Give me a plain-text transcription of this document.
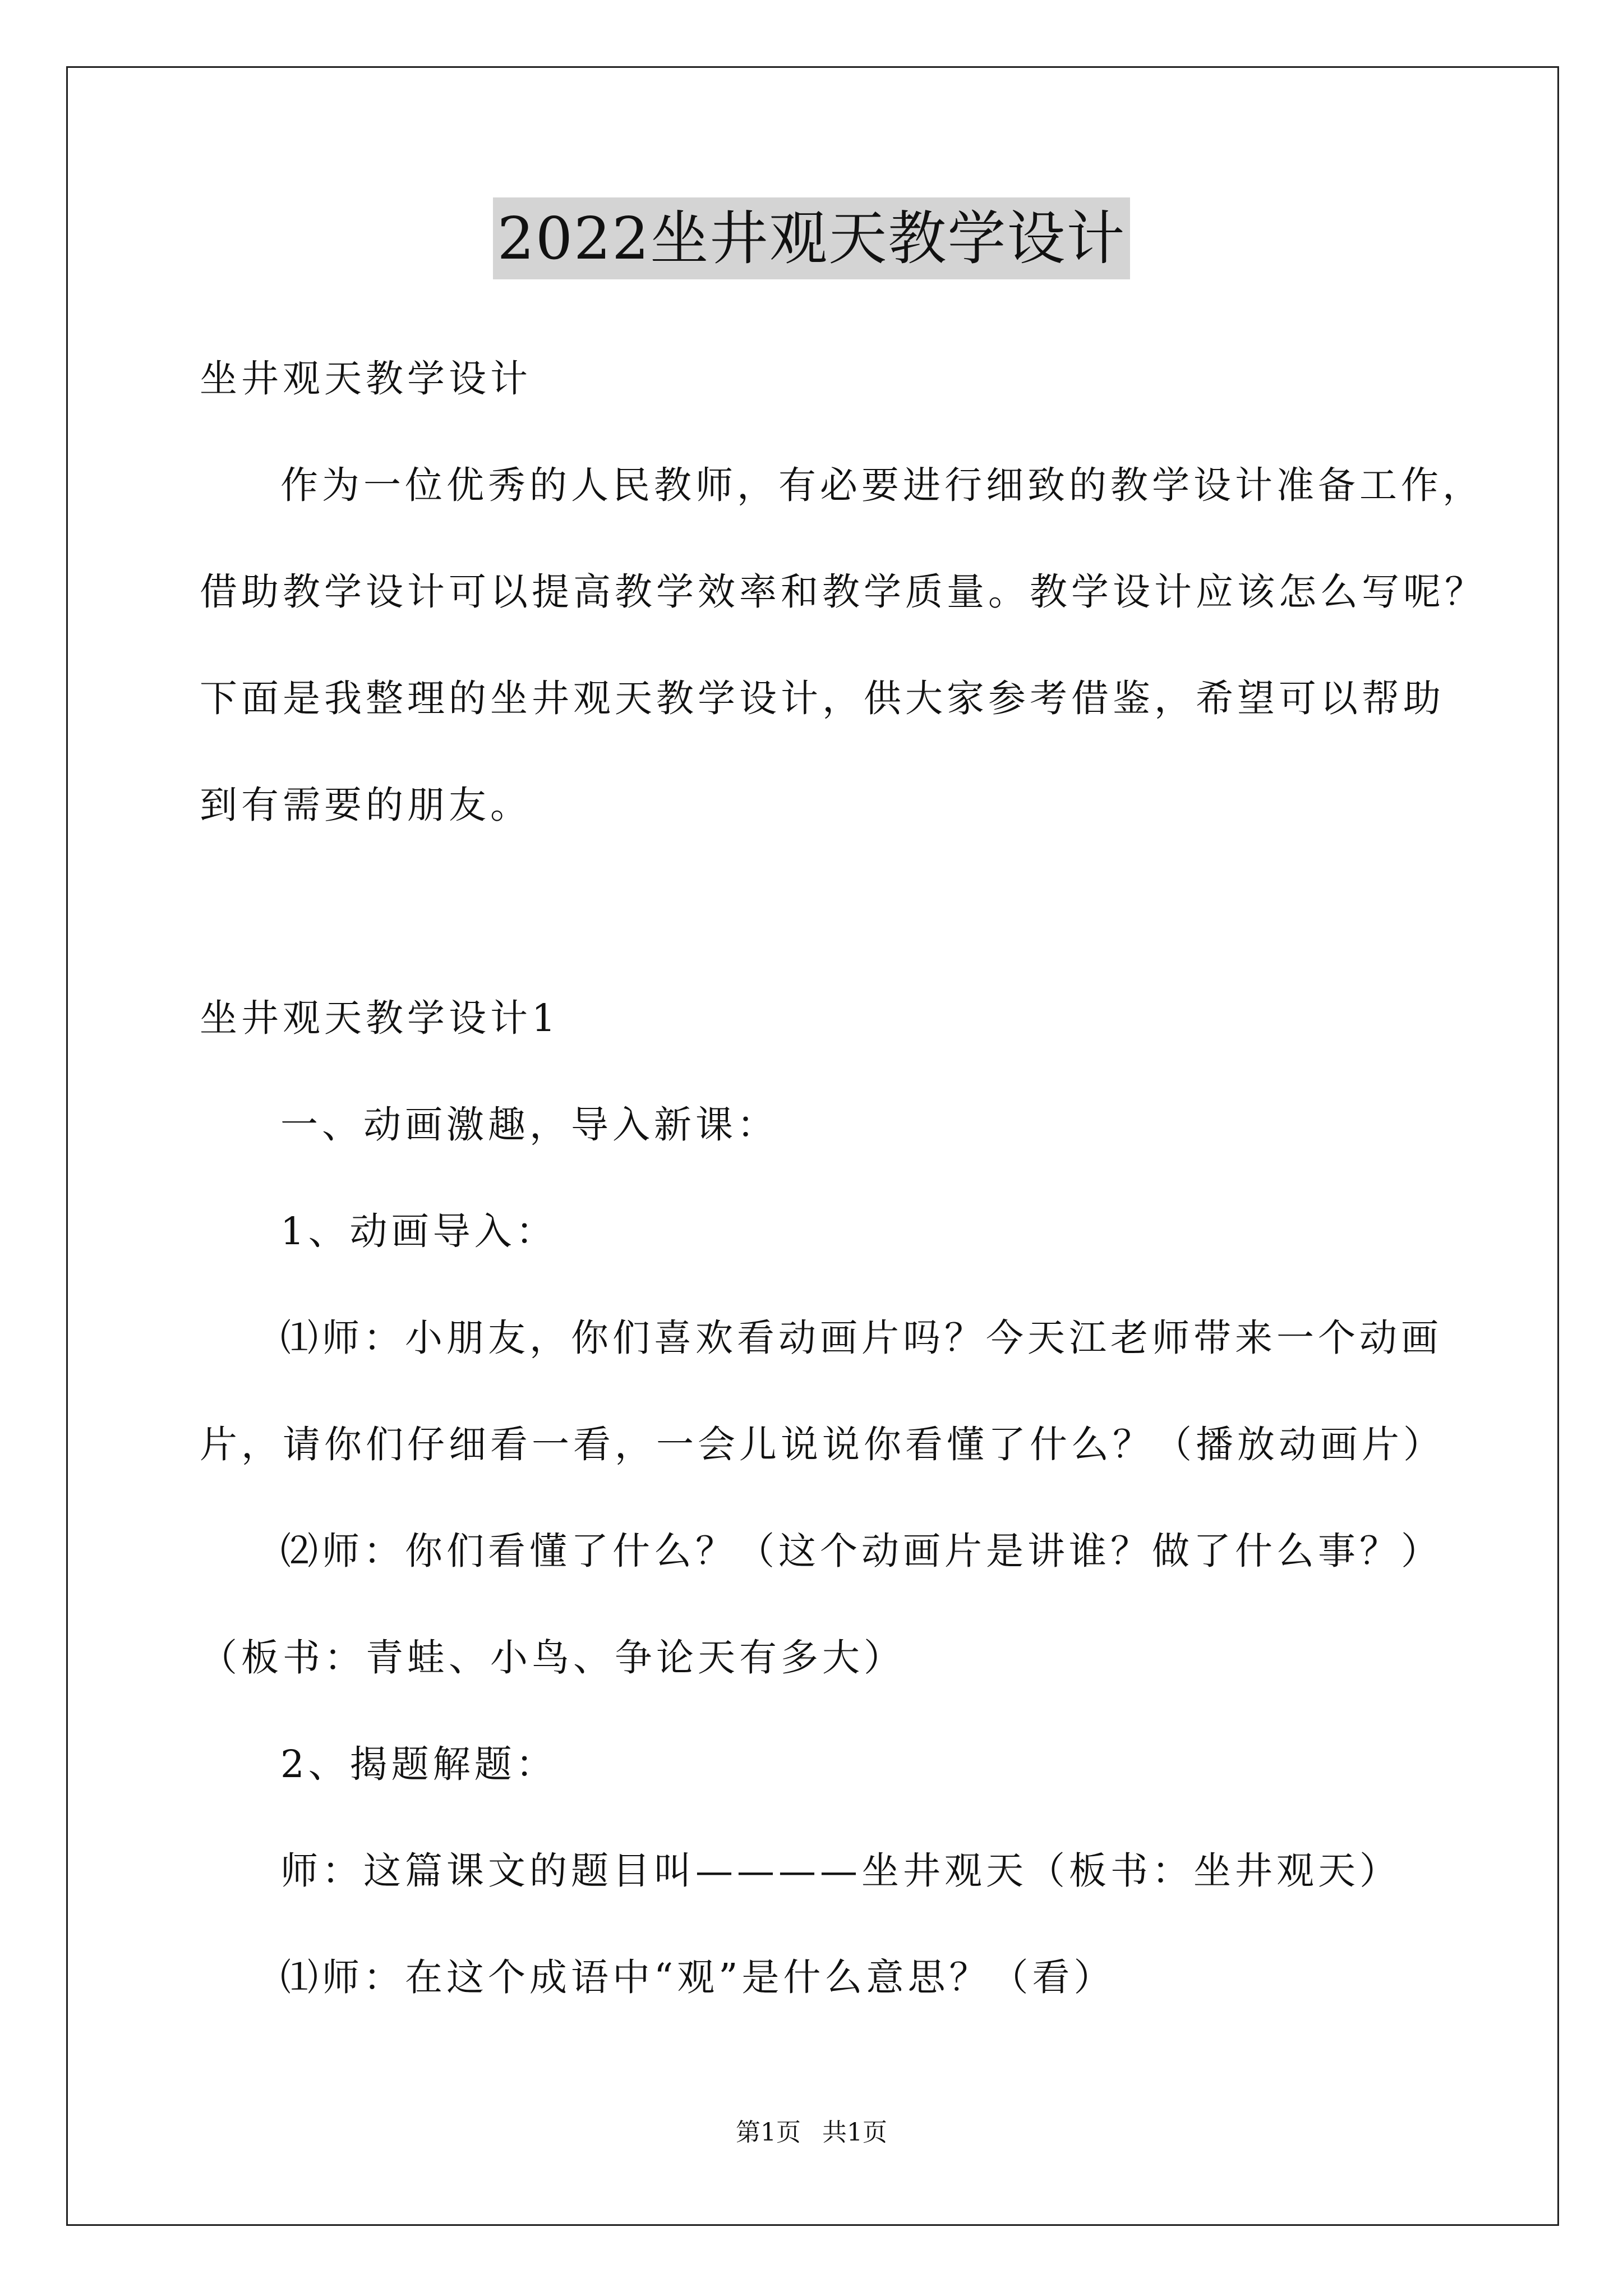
2022坐井观天教学设计
坐井观天教学设计
作为一位优秀的人民教师，有必要进行细致的教学设计准备工作，
借助教学设计可以提高教学效率和教学质量。教学设计应该怎么写呢？
下面是我整理的坐井观天教学设计，供大家参考借鉴，希望可以帮助
到有需要的朋友。
坐井观天教学设计1
一、动画激趣，导入新课：
1、动画导入：
⑴师：小朋友，你们喜欢看动画片吗？今天江老师带来一个动画
片，请你们仔细看一看，一会儿说说你看懂了什么？（播放动画片）
⑵师：你们看懂了什么？（这个动画片是讲谁？做了什么事？）
（板书：青蛙、小鸟、争论天有多大）
2、揭题解题：
师：这篇课文的题目叫————坐井观天（板书：坐井观天）
⑴师：在这个成语中“观”是什么意思？（看）
第1页 共1页
